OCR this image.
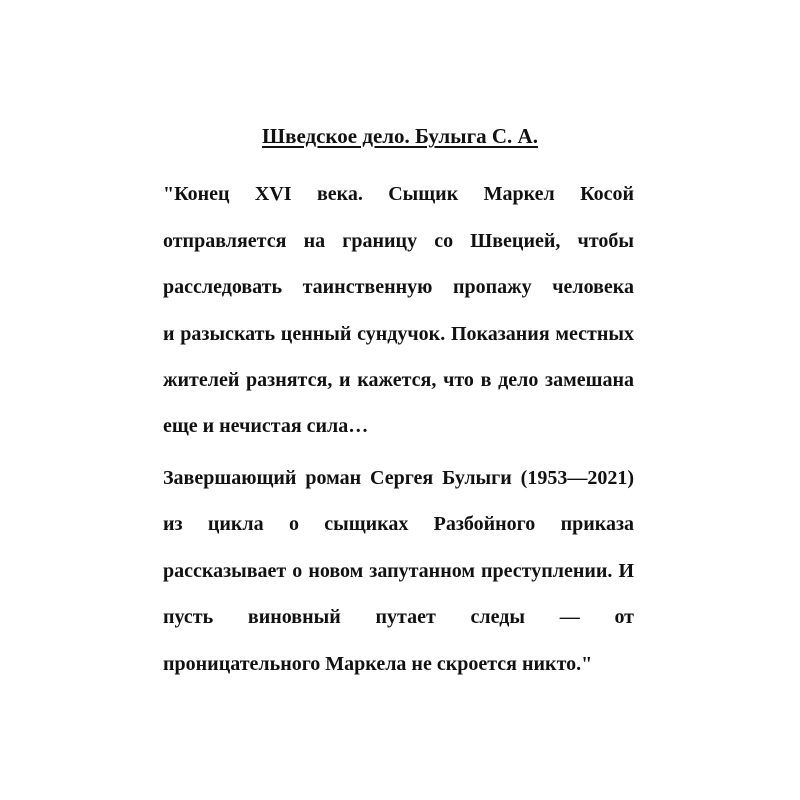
Шведское дело. Булыга С. А.
"Конец XVI века. Сыщик Маркел Косой
отправляется на границу со Швецией, чтобы
расследовать таинственную пропажу человека
и разыскать ценный сундучок. Показания местных
жителей разнятся, и кажется, что в дело замешана
еще и нечистая сила…
Завершающий роман Сергея Булыги (1953—2021)
из цикла о сыщиках Разбойного приказа
рассказывает о новом запутанном преступлении. И
пусть виновный путает следы — от
проницательного Маркела не скроется никто."
